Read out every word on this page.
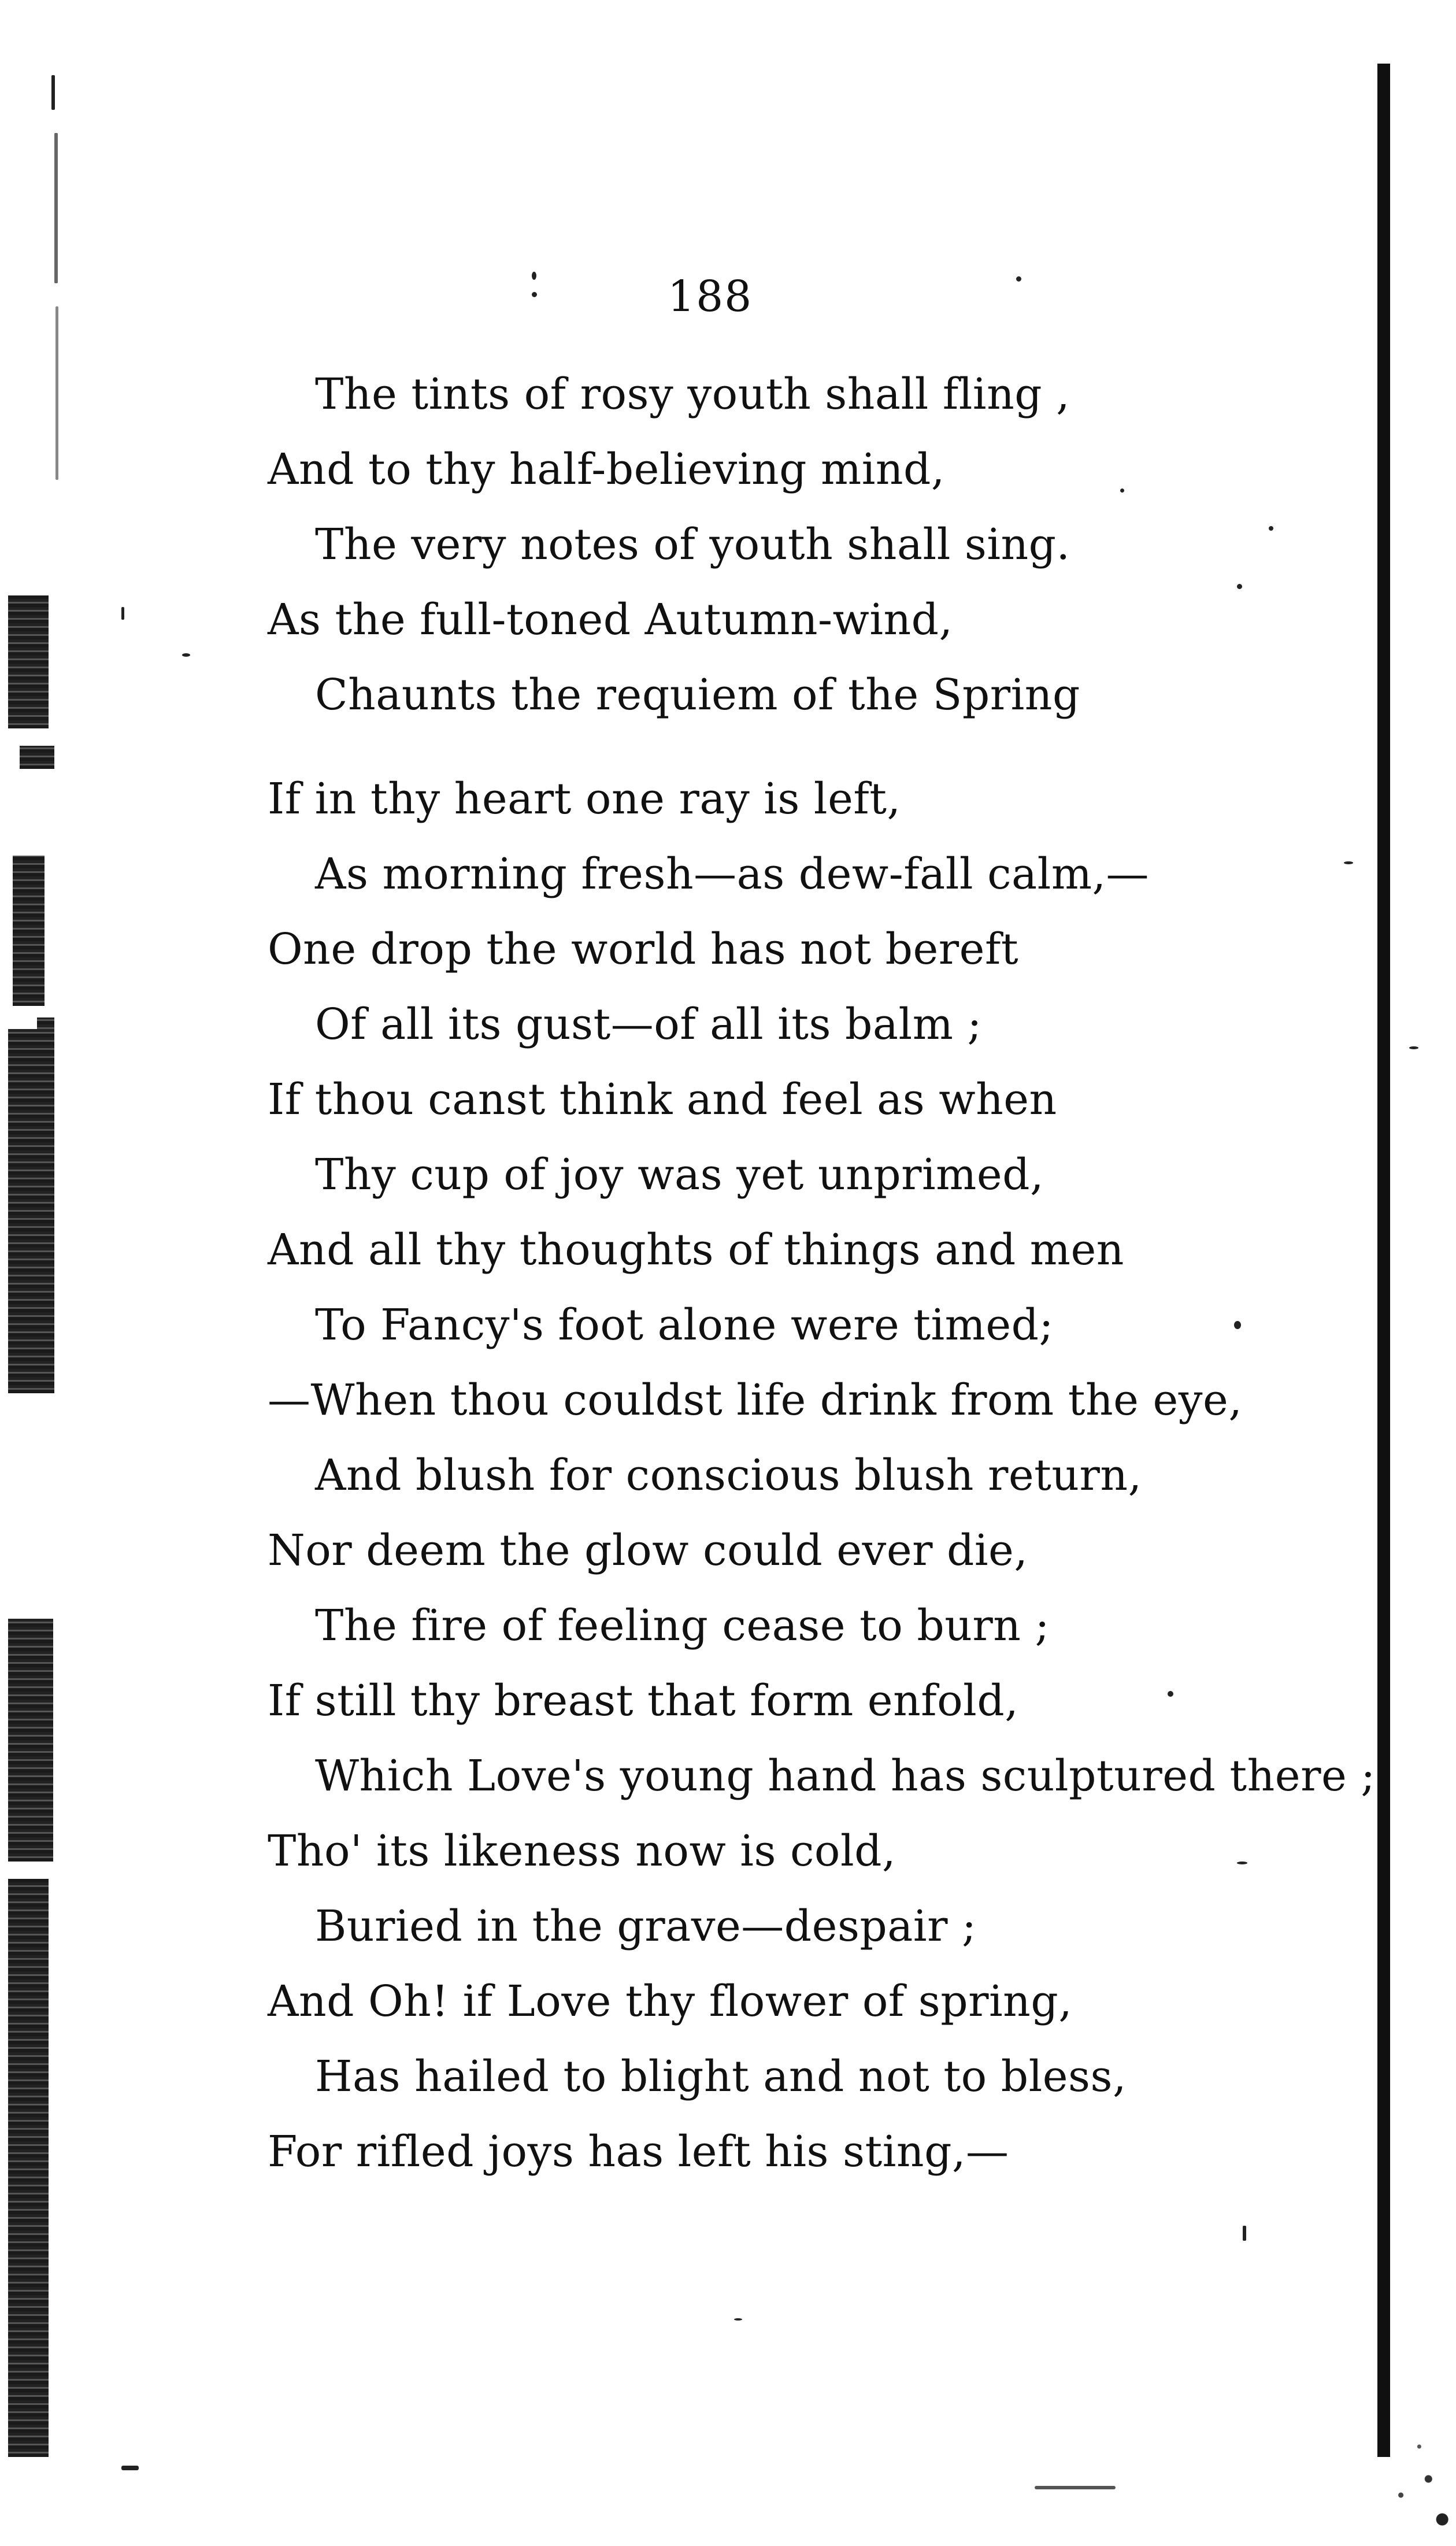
188
The tints of rosy youth shall fling ,
And to thy half-believing mind,
The very notes of youth shall sing.
As the full-toned Autumn-wind,
Chaunts the requiem of the Spring
If in thy heart one ray is left,
As morning fresh—as dew-fall calm,—
One drop the world has not bereft
Of all its gust—of all its balm ;
If thou canst think and feel as when
Thy cup of joy was yet unprimed,
And all thy thoughts of things and men
To Fancy's foot alone were timed;
—When thou couldst life drink from the eye,
And blush for conscious blush return,
Nor deem the glow could ever die,
The fire of feeling cease to burn ;
If still thy breast that form enfold,
Which Love's young hand has sculptured there ;
Tho' its likeness now is cold,
Buried in the grave—despair ;
And Oh! if Love thy flower of spring,
Has hailed to blight and not to bless,
For rifled joys has left his sting,—
